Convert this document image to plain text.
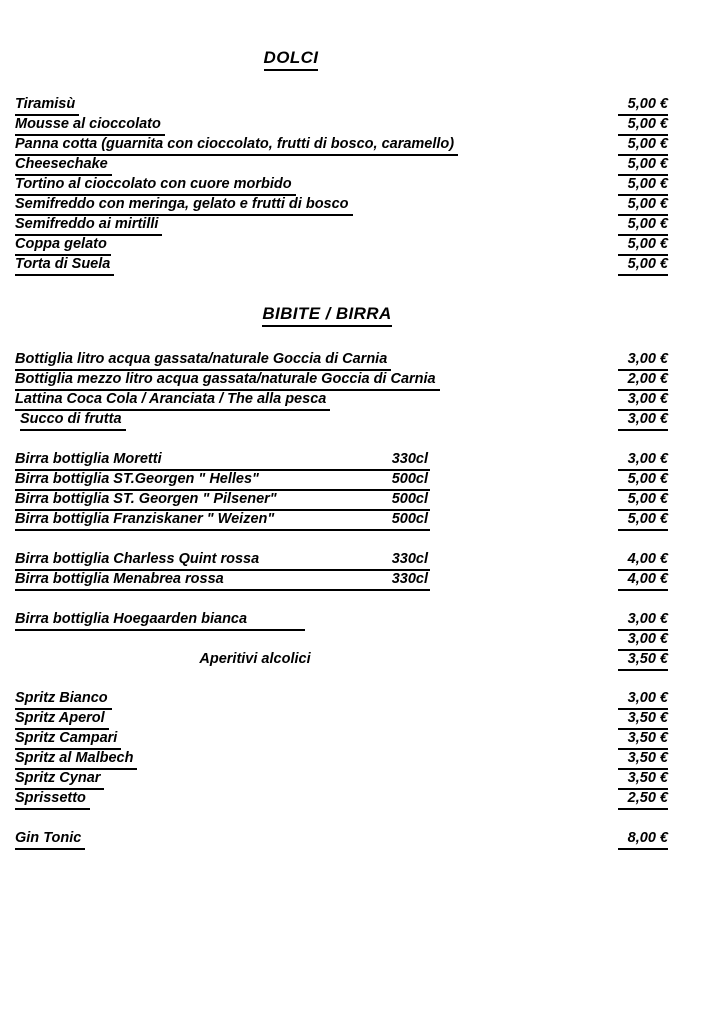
DOLCI
Tiramisù	5,00 €
Mousse al cioccolato	5,00 €
Panna cotta (guarnita con cioccolato, frutti di bosco, caramello)	5,00 €
Cheesechake	5,00 €
Tortino al cioccolato con cuore morbido	5,00 €
Semifreddo con meringa, gelato e frutti di bosco	5,00 €
Semifreddo ai mirtilli	5,00 €
Coppa gelato	5,00 €
Torta di Suela	5,00 €
BIBITE / BIRRA
Bottiglia litro acqua gassata/naturale Goccia di Carnia	3,00 €
Bottiglia mezzo litro acqua gassata/naturale Goccia di Carnia	2,00 €
Lattina Coca Cola / Aranciata / The alla pesca	3,00 €
Succo di frutta	3,00 €
Birra bottiglia Moretti	330cl	3,00 €
Birra bottiglia ST.Georgen " Helles"	500cl	5,00 €
Birra bottiglia ST. Georgen " Pilsener"	500cl	5,00 €
Birra bottiglia Franziskaner " Weizen"	500cl	5,00 €
Birra bottiglia Charless Quint rossa	330cl	4,00 €
Birra bottiglia Menabrea rossa	330cl	4,00 €
Birra bottiglia Hoegaarden bianca	3,00 €
3,00 €
Aperitivi alcolici	3,50 €
Spritz Bianco	3,00 €
Spritz Aperol	3,50 €
Spritz Campari	3,50 €
Spritz al Malbech	3,50 €
Spritz Cynar	3,50 €
Sprissetto	2,50 €
Gin Tonic	8,00 €
